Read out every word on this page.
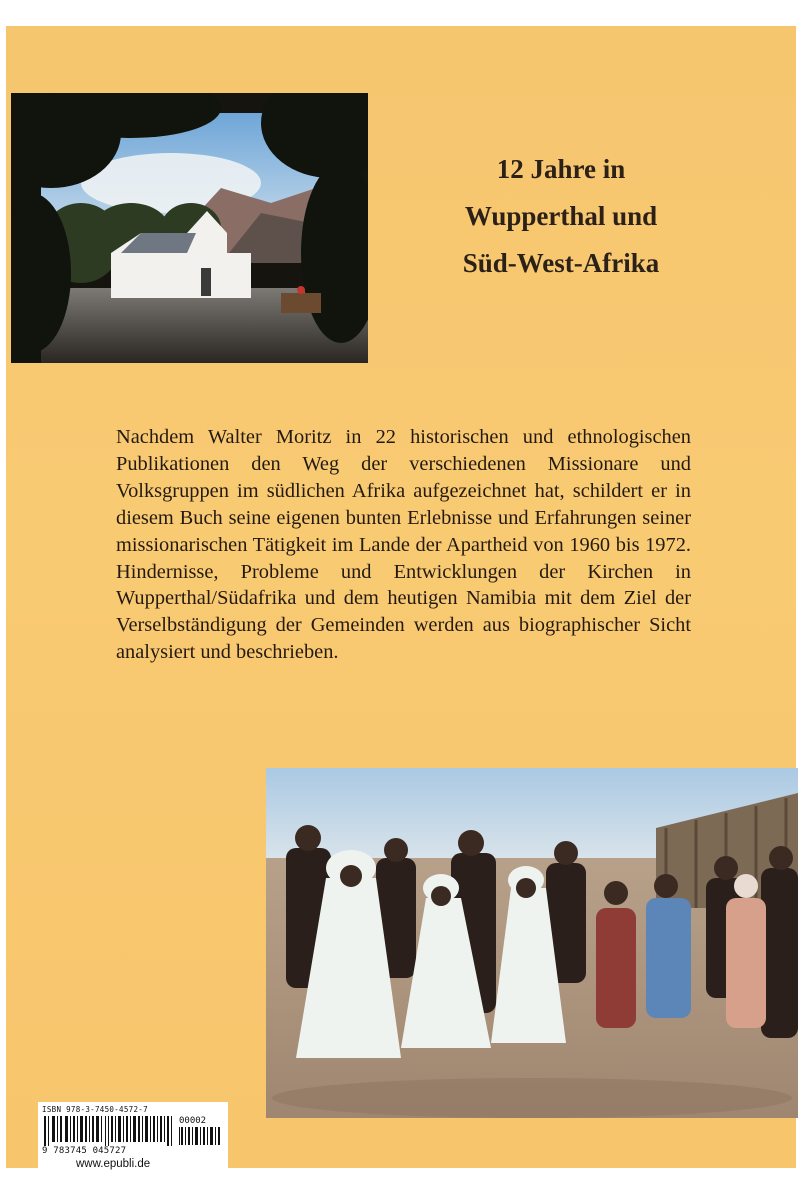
12 Jahre in
Wupperthal und
Süd-West-Afrika
Nachdem Walter Moritz in 22 historischen und ethnologischen Publikationen den Weg der verschiedenen Missionare und Volksgruppen im südlichen Afrika aufgezeichnet hat, schildert er in diesem Buch seine eigenen bunten Erlebnisse und Erfahrungen seiner missionarischen Tätigkeit im Lande der Apartheid von 1960 bis 1972. Hindernisse, Probleme und Entwicklungen der Kirchen in Wupperthal/Südafrika und dem heutigen Namibia mit dem Ziel der Verselbständigung der Gemeinden werden aus biographischer Sicht analysiert und beschrieben.
ISBN 978-3-7450-4572-7
00002
9 783745 045727
www.epubli.de
